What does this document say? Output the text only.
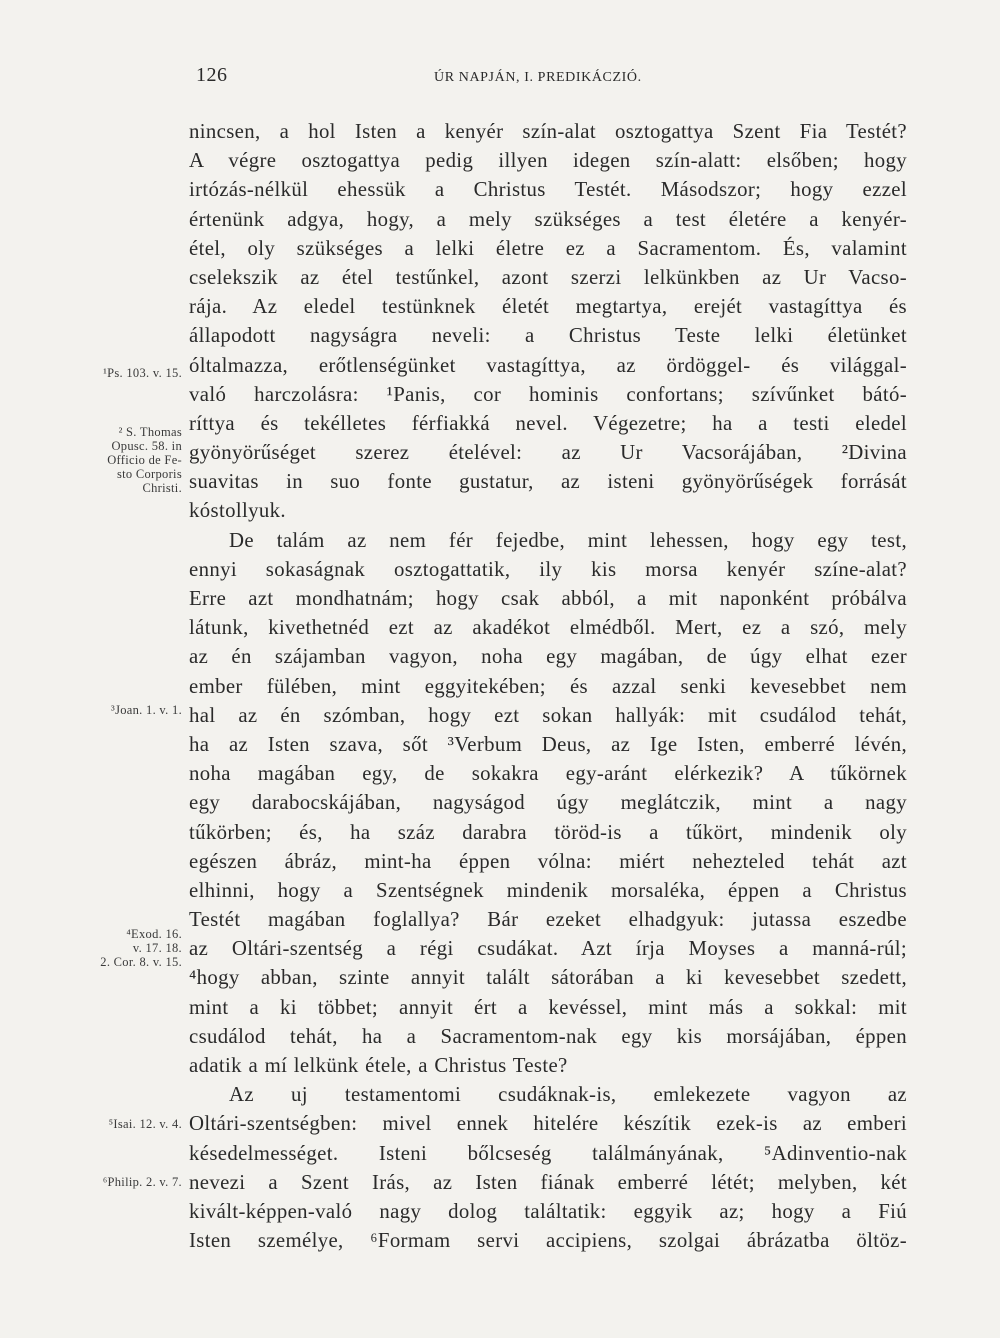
126	ÚR NAPJÁN, I. PREDIKÁCZIÓ.
¹Ps. 103. v. 15.
² S. Thomas
Opusc. 58. in
Officio de Fe-
sto Corporis
Christi.
³Joan. 1. v. 1.
⁴Exod. 16.
v. 17. 18.
2. Cor. 8. v. 15.
⁵Isai. 12. v. 4.
⁶Philip. 2. v. 7.
nincsen, a hol Isten a kenyér szín-alat osztogattya Szent Fia Testét?
A végre osztogattya pedig illyen idegen szín-alatt: elsőben; hogy
irtózás-nélkül ehessük a Christus Testét. Másodszor; hogy ezzel
értenünk adgya, hogy, a mely szükséges a test életére a kenyér-
étel, oly szükséges a lelki életre ez a Sacramentom. És, valamint
cselekszik az étel testűnkel, azont szerzi lelkünkben az Ur Vacso-
rája. Az eledel testünknek életét megtartya, erejét vastagíttya és
állapodott nagyságra neveli: a Christus Teste lelki életünket
óltalmazza, erőtlenségünket vastagíttya, az ördöggel- és világgal-
való harczolásra: ¹Panis, cor hominis confortans; szívűnket bátó-
ríttya és tekélletes férfiakká nevel. Végezetre; ha a testi eledel
gyönyörűséget szerez ételével: az Ur Vacsorájában, ²Divina
suavitas in suo fonte gustatur, az isteni gyönyörűségek forrását
kóstollyuk.
De talám az nem fér fejedbe, mint lehessen, hogy egy test,
ennyi sokaságnak osztogattatik, ily kis morsa kenyér színe-alat?
Erre azt mondhatnám; hogy csak abból, a mit naponként próbálva
látunk, kivethetnéd ezt az akadékot elmédből. Mert, ez a szó, mely
az én szájamban vagyon, noha egy magában, de úgy elhat ezer
ember fülében, mint eggyitekében; és azzal senki kevesebbet nem
hal az én szómban, hogy ezt sokan hallyák: mit csudálod tehát,
ha az Isten szava, sőt ³Verbum Deus, az Ige Isten, emberré lévén,
noha magában egy, de sokakra egy-aránt elérkezik? A tűkörnek
egy darabocskájában, nagyságod úgy meglátczik, mint a nagy
tűkörben; és, ha száz darabra töröd-is a tűkört, mindenik oly
egészen ábráz, mint-ha éppen vólna: miért nehezteled tehát azt
elhinni, hogy a Szentségnek mindenik morsaléka, éppen a Christus
Testét magában foglallya? Bár ezeket elhadgyuk: jutassa eszedbe
az Oltári-szentség a régi csudákat. Azt írja Moyses a manná-rúl;
⁴hogy abban, szinte annyit talált sátorában a ki kevesebbet szedett,
mint a ki többet; annyit ért a kevéssel, mint más a sokkal: mit
csudálod tehát, ha a Sacramentom-nak egy kis morsájában, éppen
adatik a mí lelkünk étele, a Christus Teste?
Az uj testamentomi csudáknak-is, emlekezete vagyon az
Oltári-szentségben: mivel ennek hitelére készítik ezek-is az emberi
késedelmességet. Isteni bőlcseség találmányának, ⁵Adinventio-nak
nevezi a Szent Irás, az Isten fiának emberré létét; melyben, két
kivált-képpen-való nagy dolog találtatik: eggyik az; hogy a Fiú
Isten személye, ⁶Formam servi accipiens, szolgai ábrázatba öltöz-
